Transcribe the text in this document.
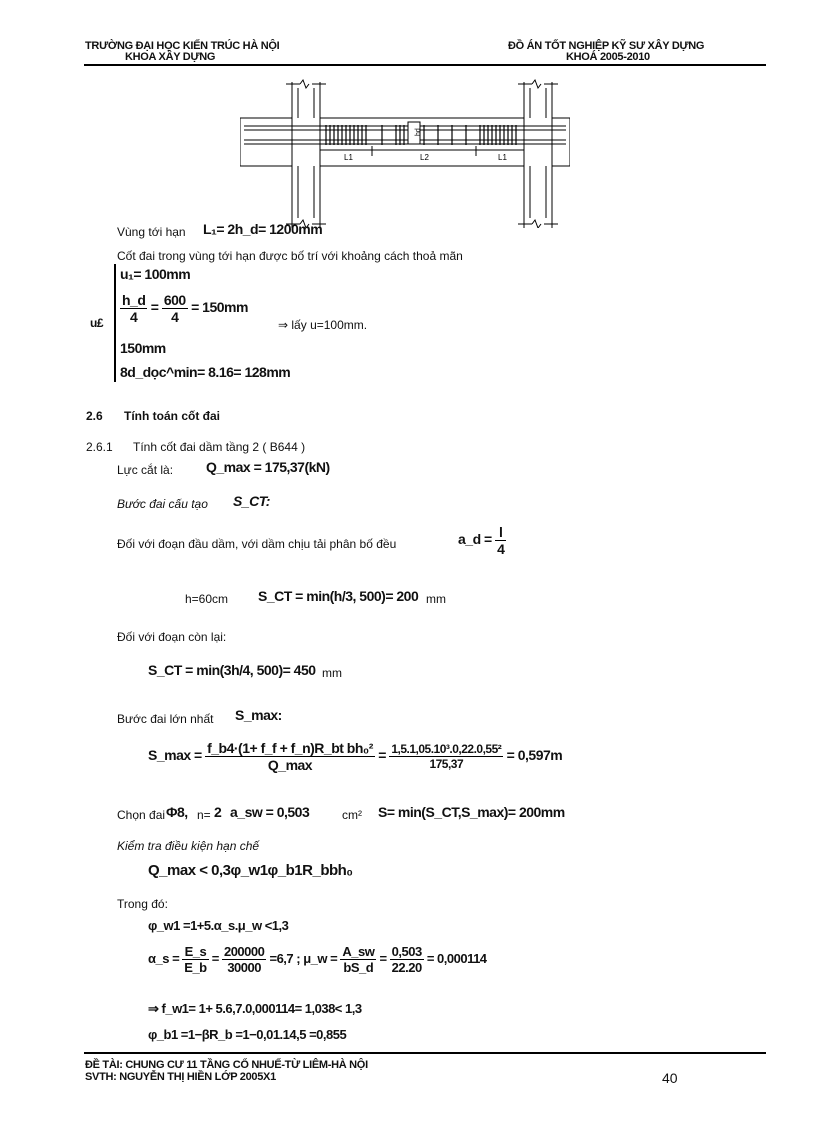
TRƯỜNG ĐẠI HỌC KIẾN TRÚC HÀ NỘI
KHOA XÂY DỰNG
ĐỒ ÁN TỐT NGHIỆP KỸ SƯ XÂY DỰNG
KHOÁ 2005-2010
hd
L1	L2	L1
Vùng tới hạn L₁= 2h_d= 1200mm
Cốt đai trong vùng tới hạn được bố trí với khoảng cách thoả mãn
u£
u₁= 100mm
$\frac{h\_d}{4} = \frac{600}{4} = 150mm$
150mm
8d_dọc^min= 8.16= 128mm
⇒ lấy u=100mm.
2.6 Tính toán cốt đai
2.6.1 Tính cốt đai dầm tầng 2 ( B644 )
Lực cắt là: Q_max = 175,37(kN)
Bước đai cấu tạo S_CT:
Đối với đoạn đầu dầm, với dầm chịu tải phân bố đều	a_d = $\frac{l}{4}$
h=60cm S_CT = min(h/3, 500)= 200 mm
Đối với đoạn còn lại:
S_CT = min(3h/4, 500)= 450 mm
Bước đai lớn nhất S_max:
S_max = $\frac{\text{f\_b4·(1+ f\_f + f\_n)R\_bt bh₀²}}{Q\_\max} = \frac{\text{1,5.1,05.10³.0,22.0,55²}}{175,37} = 0,597m$
Chọn đai Φ8, n= 2 a_sw = 0,503	cm² S= min(S_CT,S_max)= 200mm
Kiểm tra điều kiện hạn chế
Q_max < 0,3φ_w1φ_b1R_bbh₀
Trong đó:
φ_w1 =1+5.α_s.μ_w <1,3
α_s = $\frac{E\_s}{E\_b} = \frac{200000}{30000} =6,7$ ; μ_w = $\frac{A\_sw}{bS\_d} = \frac{0,503}{22.20} = 0,000114$
⇒ f_w1= 1+ 5.6,7.0,000114= 1,038< 1,3
φ_b1 =1−βR_b =1−0,01.14,5 =0,855
ĐỀ TÀI: CHUNG CƯ 11 TẦNG CỔ NHUẾ-TỪ LIÊM-HÀ NỘI
SVTH: NGUYỄN THỊ HIỀN LỚP 2005X1	40
